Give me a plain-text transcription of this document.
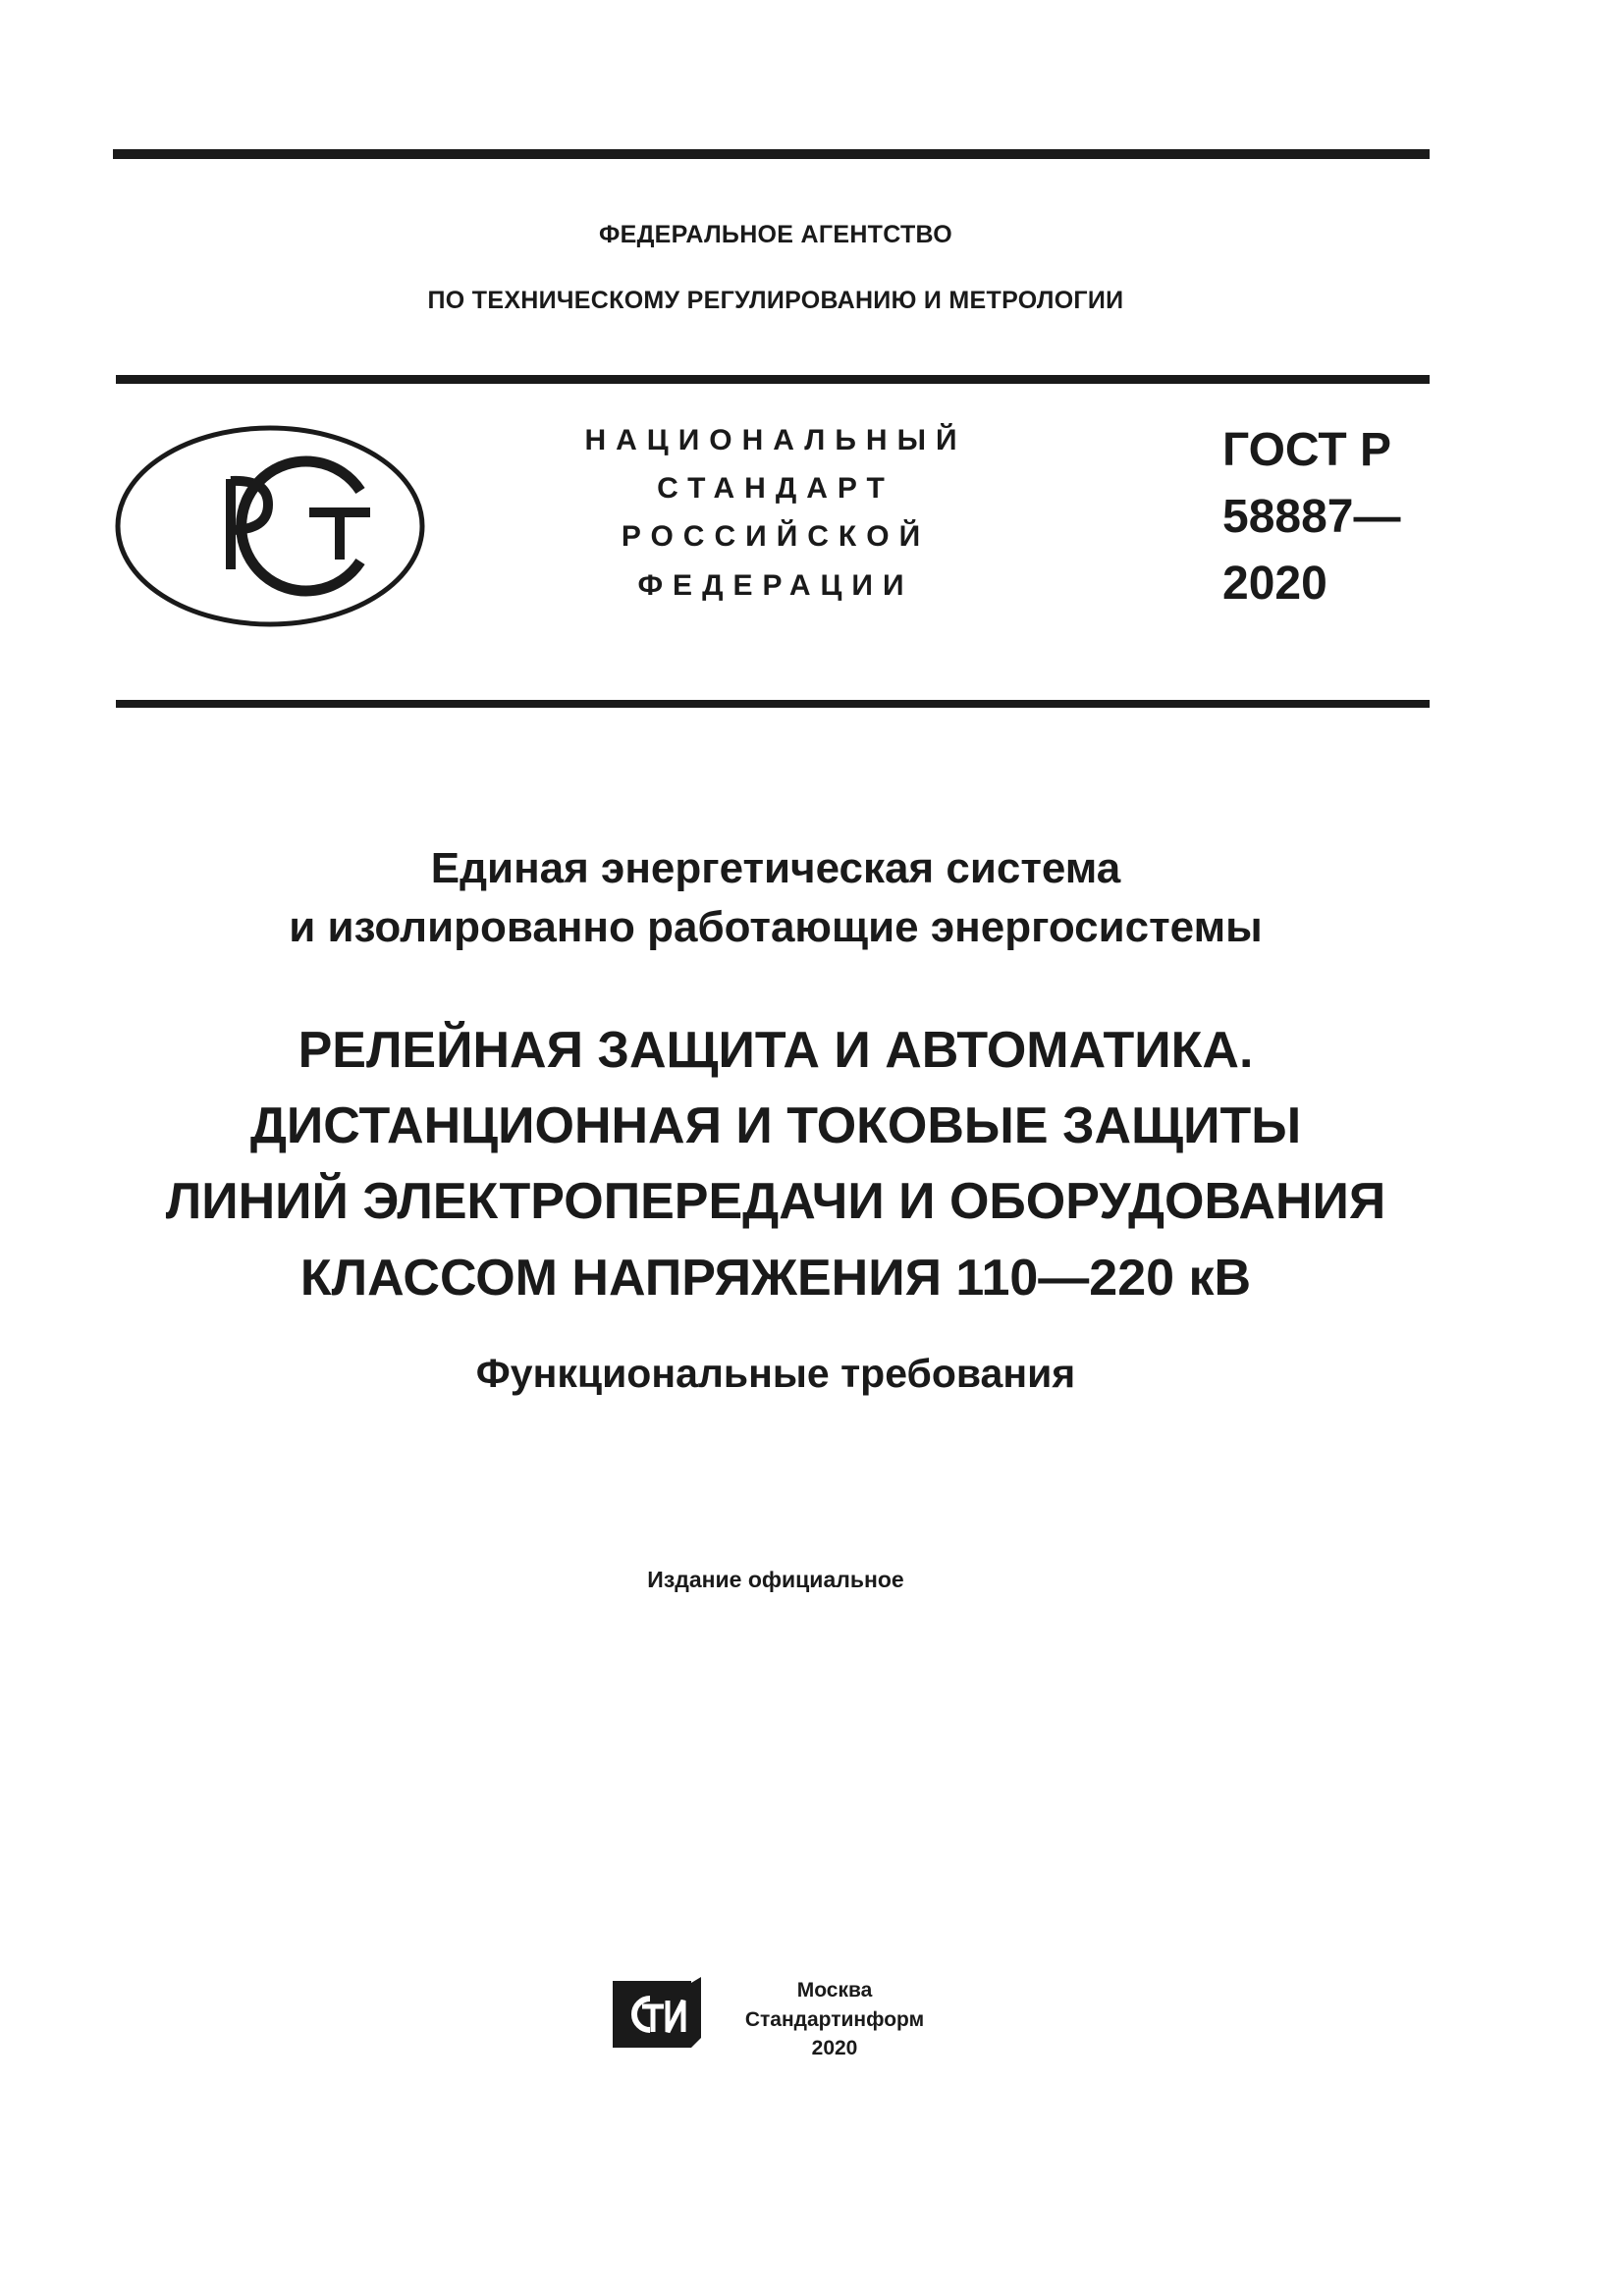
ФЕДЕРАЛЬНОЕ АГЕНТСТВО
ПО ТЕХНИЧЕСКОМУ РЕГУЛИРОВАНИЮ И МЕТРОЛОГИИ
НАЦИОНАЛЬНЫЙ
СТАНДАРТ
РОССИЙСКОЙ
ФЕДЕРАЦИИ
ГОСТ Р
58887—
2020
Единая энергетическая система
и изолированно работающие энергосистемы
РЕЛЕЙНАЯ ЗАЩИТА И АВТОМАТИКА.
ДИСТАНЦИОННАЯ И ТОКОВЫЕ ЗАЩИТЫ
ЛИНИЙ ЭЛЕКТРОПЕРЕДАЧИ И ОБОРУДОВАНИЯ
КЛАССОМ НАПРЯЖЕНИЯ 110—220 кВ
Функциональные требования
Издание официальное
Москва
Стандартинформ
2020
